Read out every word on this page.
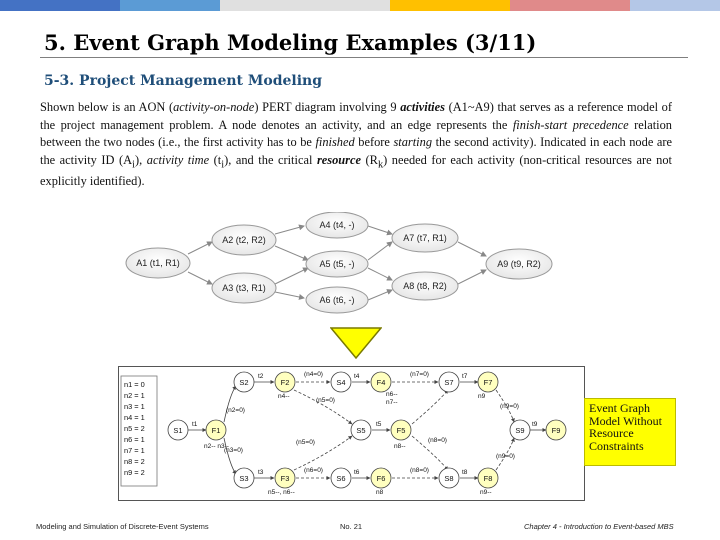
5. Event Graph Modeling Examples (3/11)
5-3. Project Management Modeling
Shown below is an AON (activity-on-node) PERT diagram involving 9 activities (A1~A9) that serves as a reference model of the project management problem. A node denotes an activity, and an edge represents the finish-start precedence relation between the two nodes (i.e., the first activity has to be finished before starting the second activity). Indicated in each node are the activity ID $(A_i)$, activity time $(t_i)$, and the critical resource $(R_k)$ needed for each activity (non-critical resources are not explicitly identified).
A1 (t1, R1)
A2 (t2, R2)
A3 (t3, R1)
A4 (t4, -)
A5 (t5, -)
A6 (t6, -)
A7 (t7, R1)
A8 (t8, R2)
A9 (t9, R2)
n1 = 0
n2 = 1
n3 = 1
n4 = 1
n5 = 2
n6 = 1
n7 = 1
n8 = 2
n9 = 2
S1	F1
S2
S3
F2
F3
S4
S5
S6
F4
F5
F6
S7
S8
F7
F8
S9	F9
t1
t2
t3
t4
t5
t6
t7
t8
t9
n2-- n3--
(n2=0)
(n3=0)
(n4=0)
n4--
(n5=0)
(n5=0)
(n6=0)
(n7=0)
n6--
n7--
(n8=0)
(n8=0)
(n9=0)
(n9=0)
n8--
n9
n5--, n6--	n8	n9--
Event Graph Model Without Resource Constraints
Modeling and Simulation of Discrete-Event Systems	No. 21	Chapter 4 - Introduction to Event-based MBS
